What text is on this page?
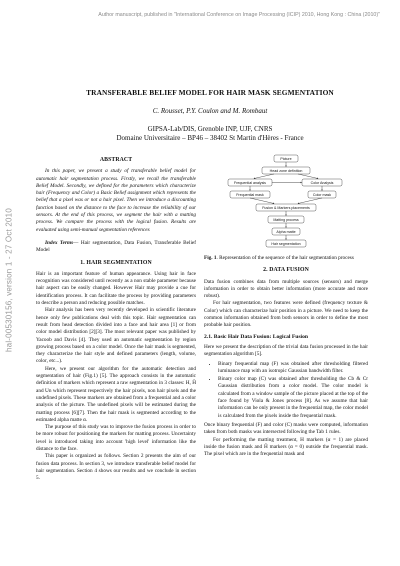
Author manuscript, published in "International Conference on Image Processing (ICIP) 2010, Hong Kong : China (2010)"
hal-00530156, version 1 - 27 Oct 2010
TRANSFERABLE BELIEF MODEL FOR HAIR MASK SEGMENTATION
C. Rousset, P.Y. Coulon and M. Rombaut
GIPSA-Lab/DIS, Grenoble INP, UJF, CNRS
Domaine Universitaire – BP46 – 38402 St Martin d'Hères - France
ABSTRACT

In this paper, we present a study of transferable belief model for automatic hair segmentation process. Firstly, we recall the transferable Belief Model. Secondly, we defined for the parameters which characterize hair (Frequency and Color) a Basic Belief assignment which represents the belief that a pixel was or not a hair pixel. Then we introduce a discounting function based on the distance to the face to increase the reliability of our sensors. At the end of this process, we segment the hair with a matting process. We compare the process with the logical fusion. Results are evaluated using semi-manual segmentation references

Index Terms— Hair segmentation, Data Fusion, Transferable Belief Model

1. HAIR SEGMENTATION

Hair is an important feature of human appearance. Using hair in face recognition was considered until recently as a non stable parameter because hair aspect can be easily changed. However Hair may provide a cue for identification process. It can facilitate the process by providing parameters to describe a person and reducing possible matches.

Hair analysis has been very recently developed in scientific literature hence only few publications deal with this topic. Hair segmentation can result from head detection divided into a face and hair area [1] or from color model distribution [2][3]. The most relevant paper was published by Yacoob and Davis [4]. They used an automatic segmentation by region growing process based on a color model. Once the hair mask is segmented, they characterize the hair style and defined parameters (length, volume, color, etc...).

Here, we present our algorithm for the automatic detection and segmentation of hair (Fig.1) [5]. The approach consists in the automatic definition of markers which represent a raw segmentation in 3 classes: H, H̄ and Un which represent respectively the hair pixels, non hair pixels and the undefined pixels. These markers are obtained from a frequential and a color analysis of the picture. The undefined pixels will be estimated during the matting process [6][7]. Then the hair mask is segmented according to the estimated alpha matte α.

The purpose of this study was to improve the fusion process in order to be more robust for positioning the markers for matting process. Uncertainty level is introduced taking into account 'high level' information like the distance to the face.

This paper is organized as follows. Section 2 presents the aim of our fusion data process. In section 3, we introduce transferable belief model for hair segmentation. Section 4 shows our results and we conclude in section 5.

Picture
Head zone definition
Frequential analysis	Color Analysis
Frequential mask	Color mask
Fusion & Markers placements
Matting process
Alpha matte
Hair segmentation

Fig. 1. Representation of the sequence of the hair segmentation process

2. DATA FUSION

Data fusion combines data from multiple sources (sensors) and merge information in order to obtain better information (more accurate and more robust).

For hair segmentation, two features were defined (frequency texture & Color) which can characterize hair position in a picture. We need to keep the common information obtained from both sensors in order to define the most probable hair position.

2.1. Basic Hair Data Fusion: Logical Fusion

Here we present the description of the trivial data fusion processed in the hair segmentation algorithm [5].

• Binary frequential map (F) was obtained after thresholding filtered luminance map with an isotropic Gaussian bandwidth filter.
• Binary color map (C) was obtained after thresholding the Cb & Cr Gaussian distribution from a color model. The color model is calculated from a window sample of the picture placed at the top of the face found by Viola & Jones process [8]. As we assume that hair information can be only present in the frequential map, the color model is calculated from the pixels inside the frequential mask.

Once binary frequential (F) and color (C) masks were computed, information taken from both masks was intersected following the Tab 1 rules.

For performing the matting treatment, H markers (α = 1) are placed inside the fusion mask and H̄ markers (α = 0) outside the frequential mask. The pixel which are in the frequential mask and
